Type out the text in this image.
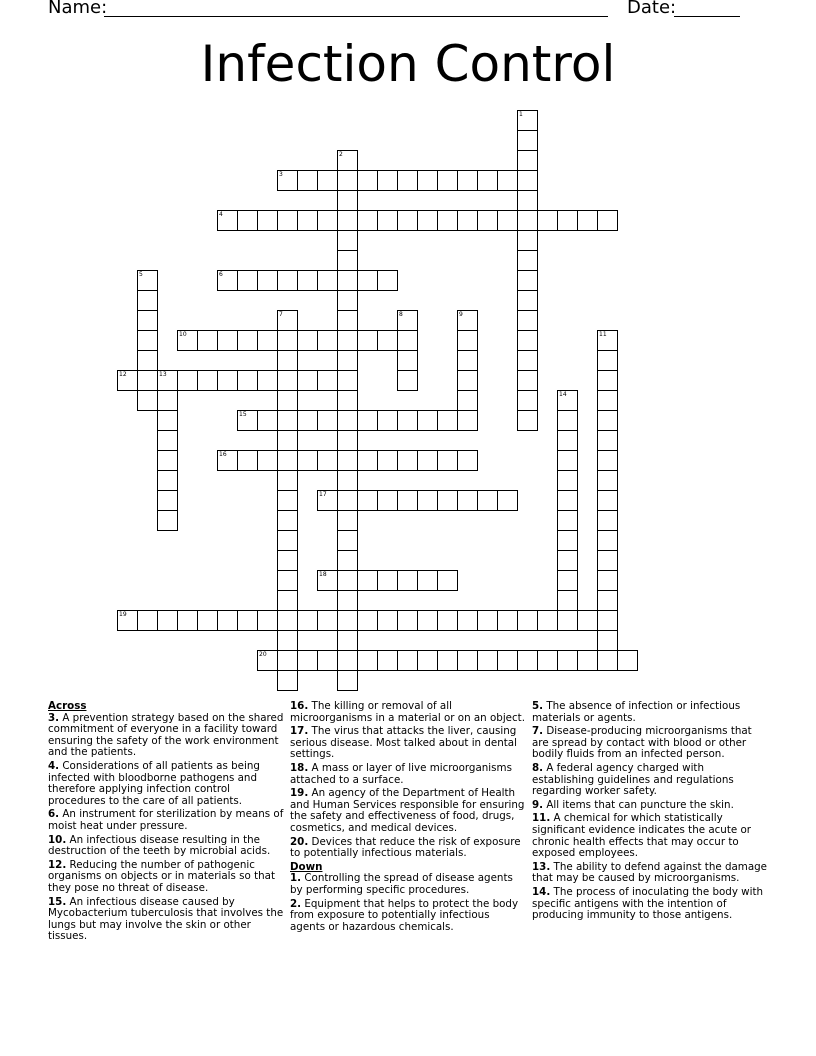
Name:	Date:
Infection Control
1
2
3
4
5	6
7	8	9
10	11
12	13
14
15
16
17
18
19
20
Across
3. A prevention strategy based on the shared commitment of everyone in a facility toward ensuring the safety of the work environment and the patients.
4. Considerations of all patients as being infected with bloodborne pathogens and therefore applying infection control procedures to the care of all patients.
6. An instrument for sterilization by means of moist heat under pressure.
10. An infectious disease resulting in the destruction of the teeth by microbial acids.
12. Reducing the number of pathogenic organisms on objects or in materials so that they pose no threat of disease.
15. An infectious disease caused by Mycobacterium tuberculosis that involves the lungs but may involve the skin or other tissues.
16. The killing or removal of all microorganisms in a material or on an object.
17. The virus that attacks the liver, causing serious disease. Most talked about in dental settings.
18. A mass or layer of live microorganisms attached to a surface.
19. An agency of the Department of Health and Human Services responsible for ensuring the safety and effectiveness of food, drugs, cosmetics, and medical devices.
20. Devices that reduce the risk of exposure to potentially infectious materials.
Down
1. Controlling the spread of disease agents by performing specific procedures.
2. Equipment that helps to protect the body from exposure to potentially infectious agents or hazardous chemicals.
5. The absence of infection or infectious materials or agents.
7. Disease-producing microorganisms that are spread by contact with blood or other bodily fluids from an infected person.
8. A federal agency charged with establishing guidelines and regulations regarding worker safety.
9. All items that can puncture the skin.
11. A chemical for which statistically significant evidence indicates the acute or chronic health effects that may occur to exposed employees.
13. The ability to defend against the damage that may be caused by microorganisms.
14. The process of inoculating the body with specific antigens with the intention of producing immunity to those antigens.
